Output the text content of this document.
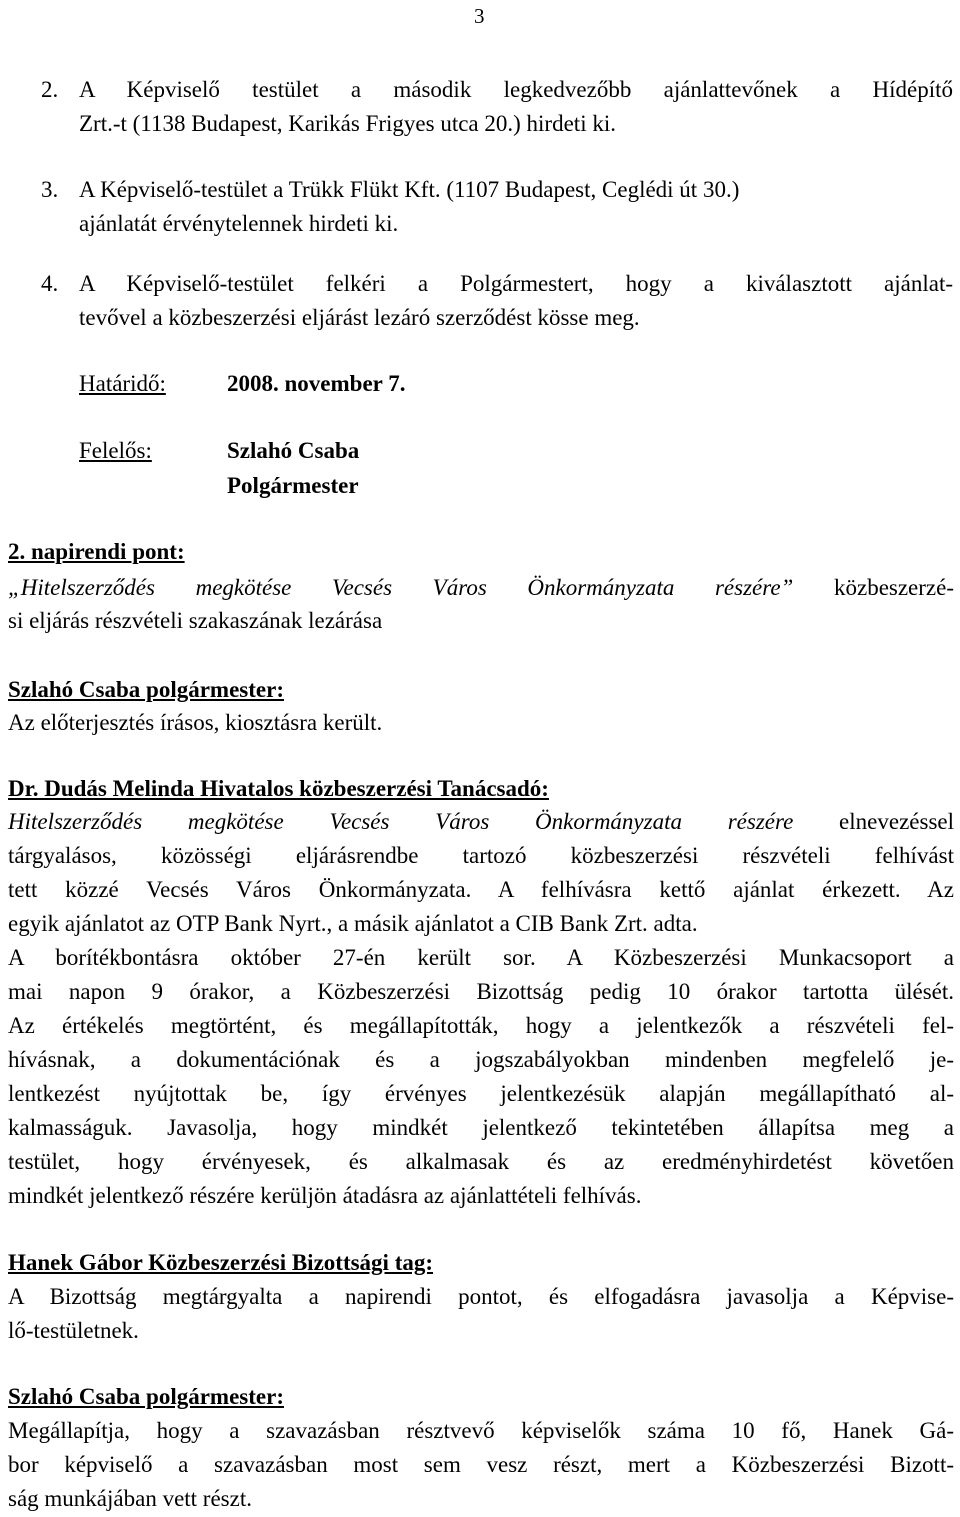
3
2. A Képviselő testület a második legkedvezőbb ajánlattevőnek a Hídépítő
Zrt.-t (1138 Budapest, Karikás Frigyes utca 20.) hirdeti ki.
3. A Képviselő-testület a Trükk Flükt Kft. (1107 Budapest, Ceglédi út 30.)
ajánlatát érvénytelennek hirdeti ki.
4. A Képviselő-testület felkéri a Polgármestert, hogy a kiválasztott ajánlat-
tevővel a közbeszerzési eljárást lezáró szerződést kösse meg.
Határidő:	2008. november 7.
Felelős:	Szlahó Csaba
Polgármester
2. napirendi pont:
„Hitelszerződés megkötése Vecsés Város Önkormányzata részére” közbeszerzé-
si eljárás részvételi szakaszának lezárása
Szlahó Csaba polgármester:
Az előterjesztés írásos, kiosztásra került.
Dr. Dudás Melinda Hivatalos közbeszerzési Tanácsadó:
Hitelszerződés megkötése Vecsés Város Önkormányzata részére elnevezéssel
tárgyalásos, közösségi eljárásrendbe tartozó közbeszerzési részvételi felhívást
tett közzé Vecsés Város Önkormányzata. A felhívásra kettő ajánlat érkezett. Az
egyik ajánlatot az OTP Bank Nyrt., a másik ajánlatot a CIB Bank Zrt. adta.
A borítékbontásra október 27-én került sor. A Közbeszerzési Munkacsoport a
mai napon 9 órakor, a Közbeszerzési Bizottság pedig 10 órakor tartotta ülését.
Az értékelés megtörtént, és megállapították, hogy a jelentkezők a részvételi fel-
hívásnak, a dokumentációnak és a jogszabályokban mindenben megfelelő je-
lentkezést nyújtottak be, így érvényes jelentkezésük alapján megállapítható al-
kalmasságuk. Javasolja, hogy mindkét jelentkező tekintetében állapítsa meg a
testület, hogy érvényesek, és alkalmasak és az eredményhirdetést követően
mindkét jelentkező részére kerüljön átadásra az ajánlattételi felhívás.
Hanek Gábor Közbeszerzési Bizottsági tag:
A Bizottság megtárgyalta a napirendi pontot, és elfogadásra javasolja a Képvise-
lő-testületnek.
Szlahó Csaba polgármester:
Megállapítja, hogy a szavazásban résztvevő képviselők száma 10 fő, Hanek Gá-
bor képviselő a szavazásban most sem vesz részt, mert a Közbeszerzési Bizott-
ság munkájában vett részt.
